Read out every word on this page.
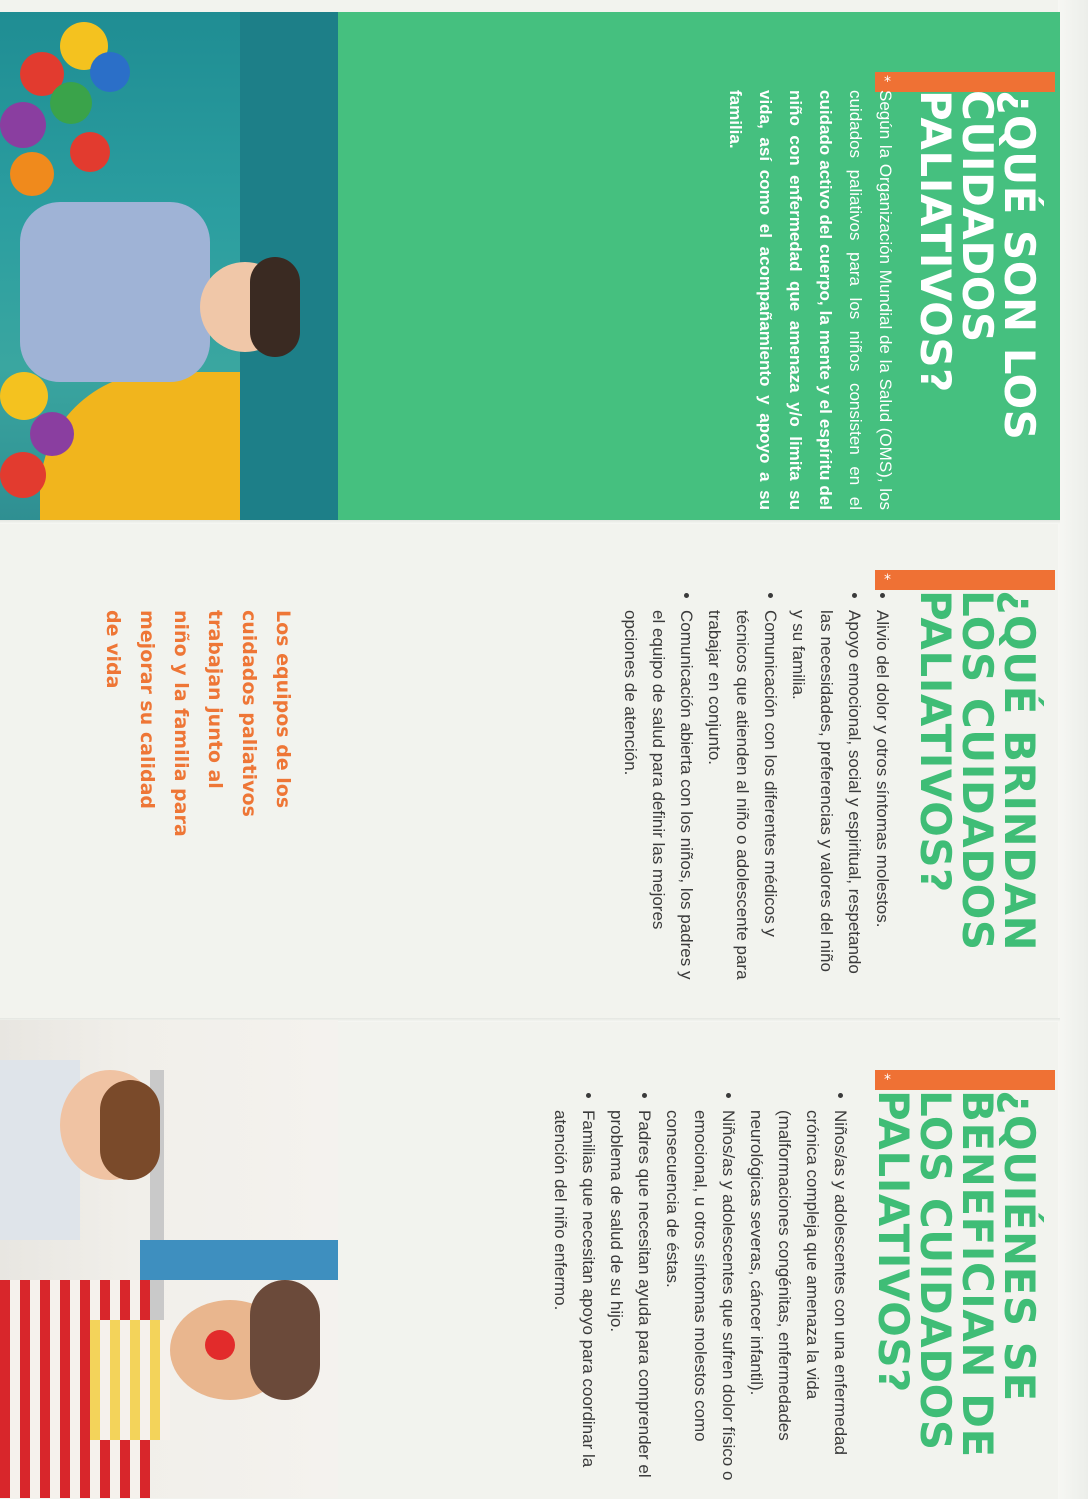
*
¿QUÉ SON LOS
CUIDADOS
PALIATIVOS?

Según la Organización Mundial de la Salud (OMS), los cuidados paliativos para los niños consisten en el cuidado activo del cuerpo, la mente y el espíritu del niño con enfermedad que amenaza y/o limita su vida, así como el acompañamiento y apoyo a su familia.

*
¿QUÉ BRINDAN
LOS CUIDADOS
PALIATIVOS?
• Alivio del dolor y otros síntomas molestos.
• Apoyo emocional, social y espiritual, respetando las necesidades, preferencias y valores del niño y su familia.
• Comunicación con los diferentes médicos y técnicos que atienden al niño o adolescente para trabajar en conjunto.
• Comunicación abierta con los niños, los padres y el equipo de salud para definir las mejores opciones de atención.

Los equipos de los cuidados paliativos trabajan junto al niño y la familia para mejorar su calidad de vida

*
¿QUIÉNES SE
BENEFICIAN DE
LOS CUIDADOS
PALIATIVOS?
• Niños/as y adolescentes con una enfermedad crónica compleja que amenaza la vida (malformaciones congénitas, enfermedades neurológicas severas, cáncer infantil).
• Niños/as y adolescentes que sufren dolor físico o emocional, u otros síntomas molestos como consecuencia de éstas.
• Padres que necesitan ayuda para comprender el problema de salud de su hijo.
• Familias que necesitan apoyo para coordinar la atención del niño enfermo.
